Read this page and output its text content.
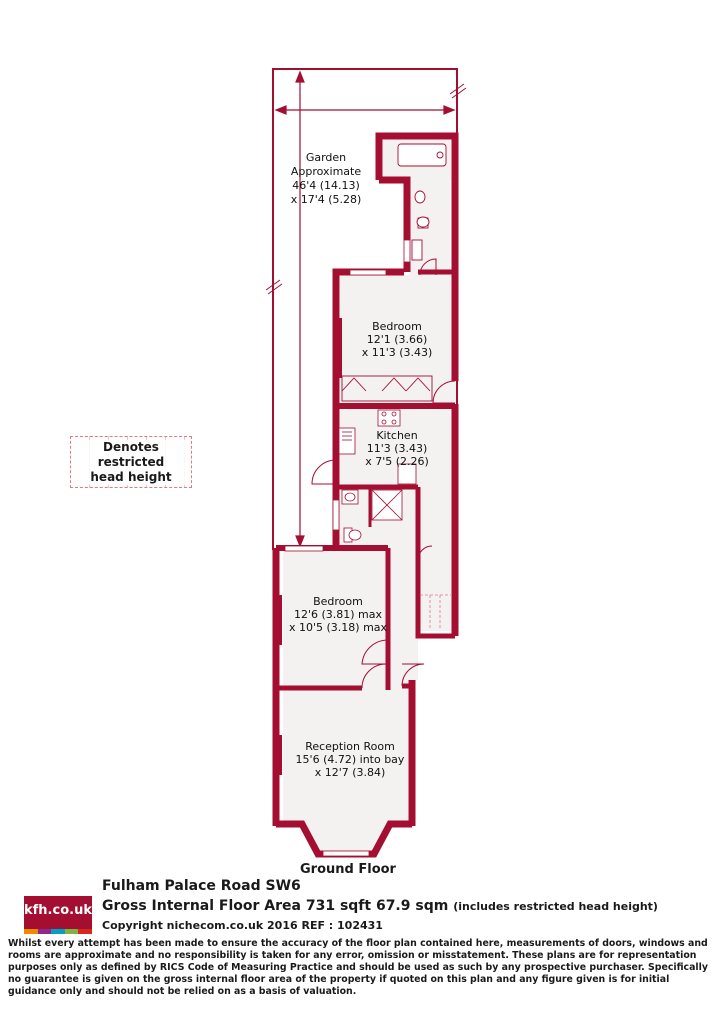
Garden
Approximate
46'4 (14.13)
x 17'4 (5.28)
Bedroom
12'1 (3.66)
x 11'3 (3.43)
Kitchen
11'3 (3.43)
x 7'5 (2.26)
Bedroom
12'6 (3.81) max
x 10'5 (3.18) max
Reception Room
15'6 (4.72) into bay
x 12'7 (3.84)
Denotes restricted
head height
Ground Floor
kfh.co.uk
Fulham Palace Road SW6
Gross Internal Floor Area 731 sqft 67.9 sqm (includes restricted head height)
Copyright nichecom.co.uk 2016 REF : 102431
Whilst every attempt has been made to ensure the accuracy of the floor plan contained here, measurements of doors, windows and rooms are approximate and no responsibility is taken for any error, omission or misstatement. These plans are for representation purposes only as defined by RICS Code of Measuring Practice and should be used as such by any prospective purchaser. Specifically no guarantee is given on the gross internal floor area of the property if quoted on this plan and any figure given is for initial guidance only and should not be relied on as a basis of valuation.
